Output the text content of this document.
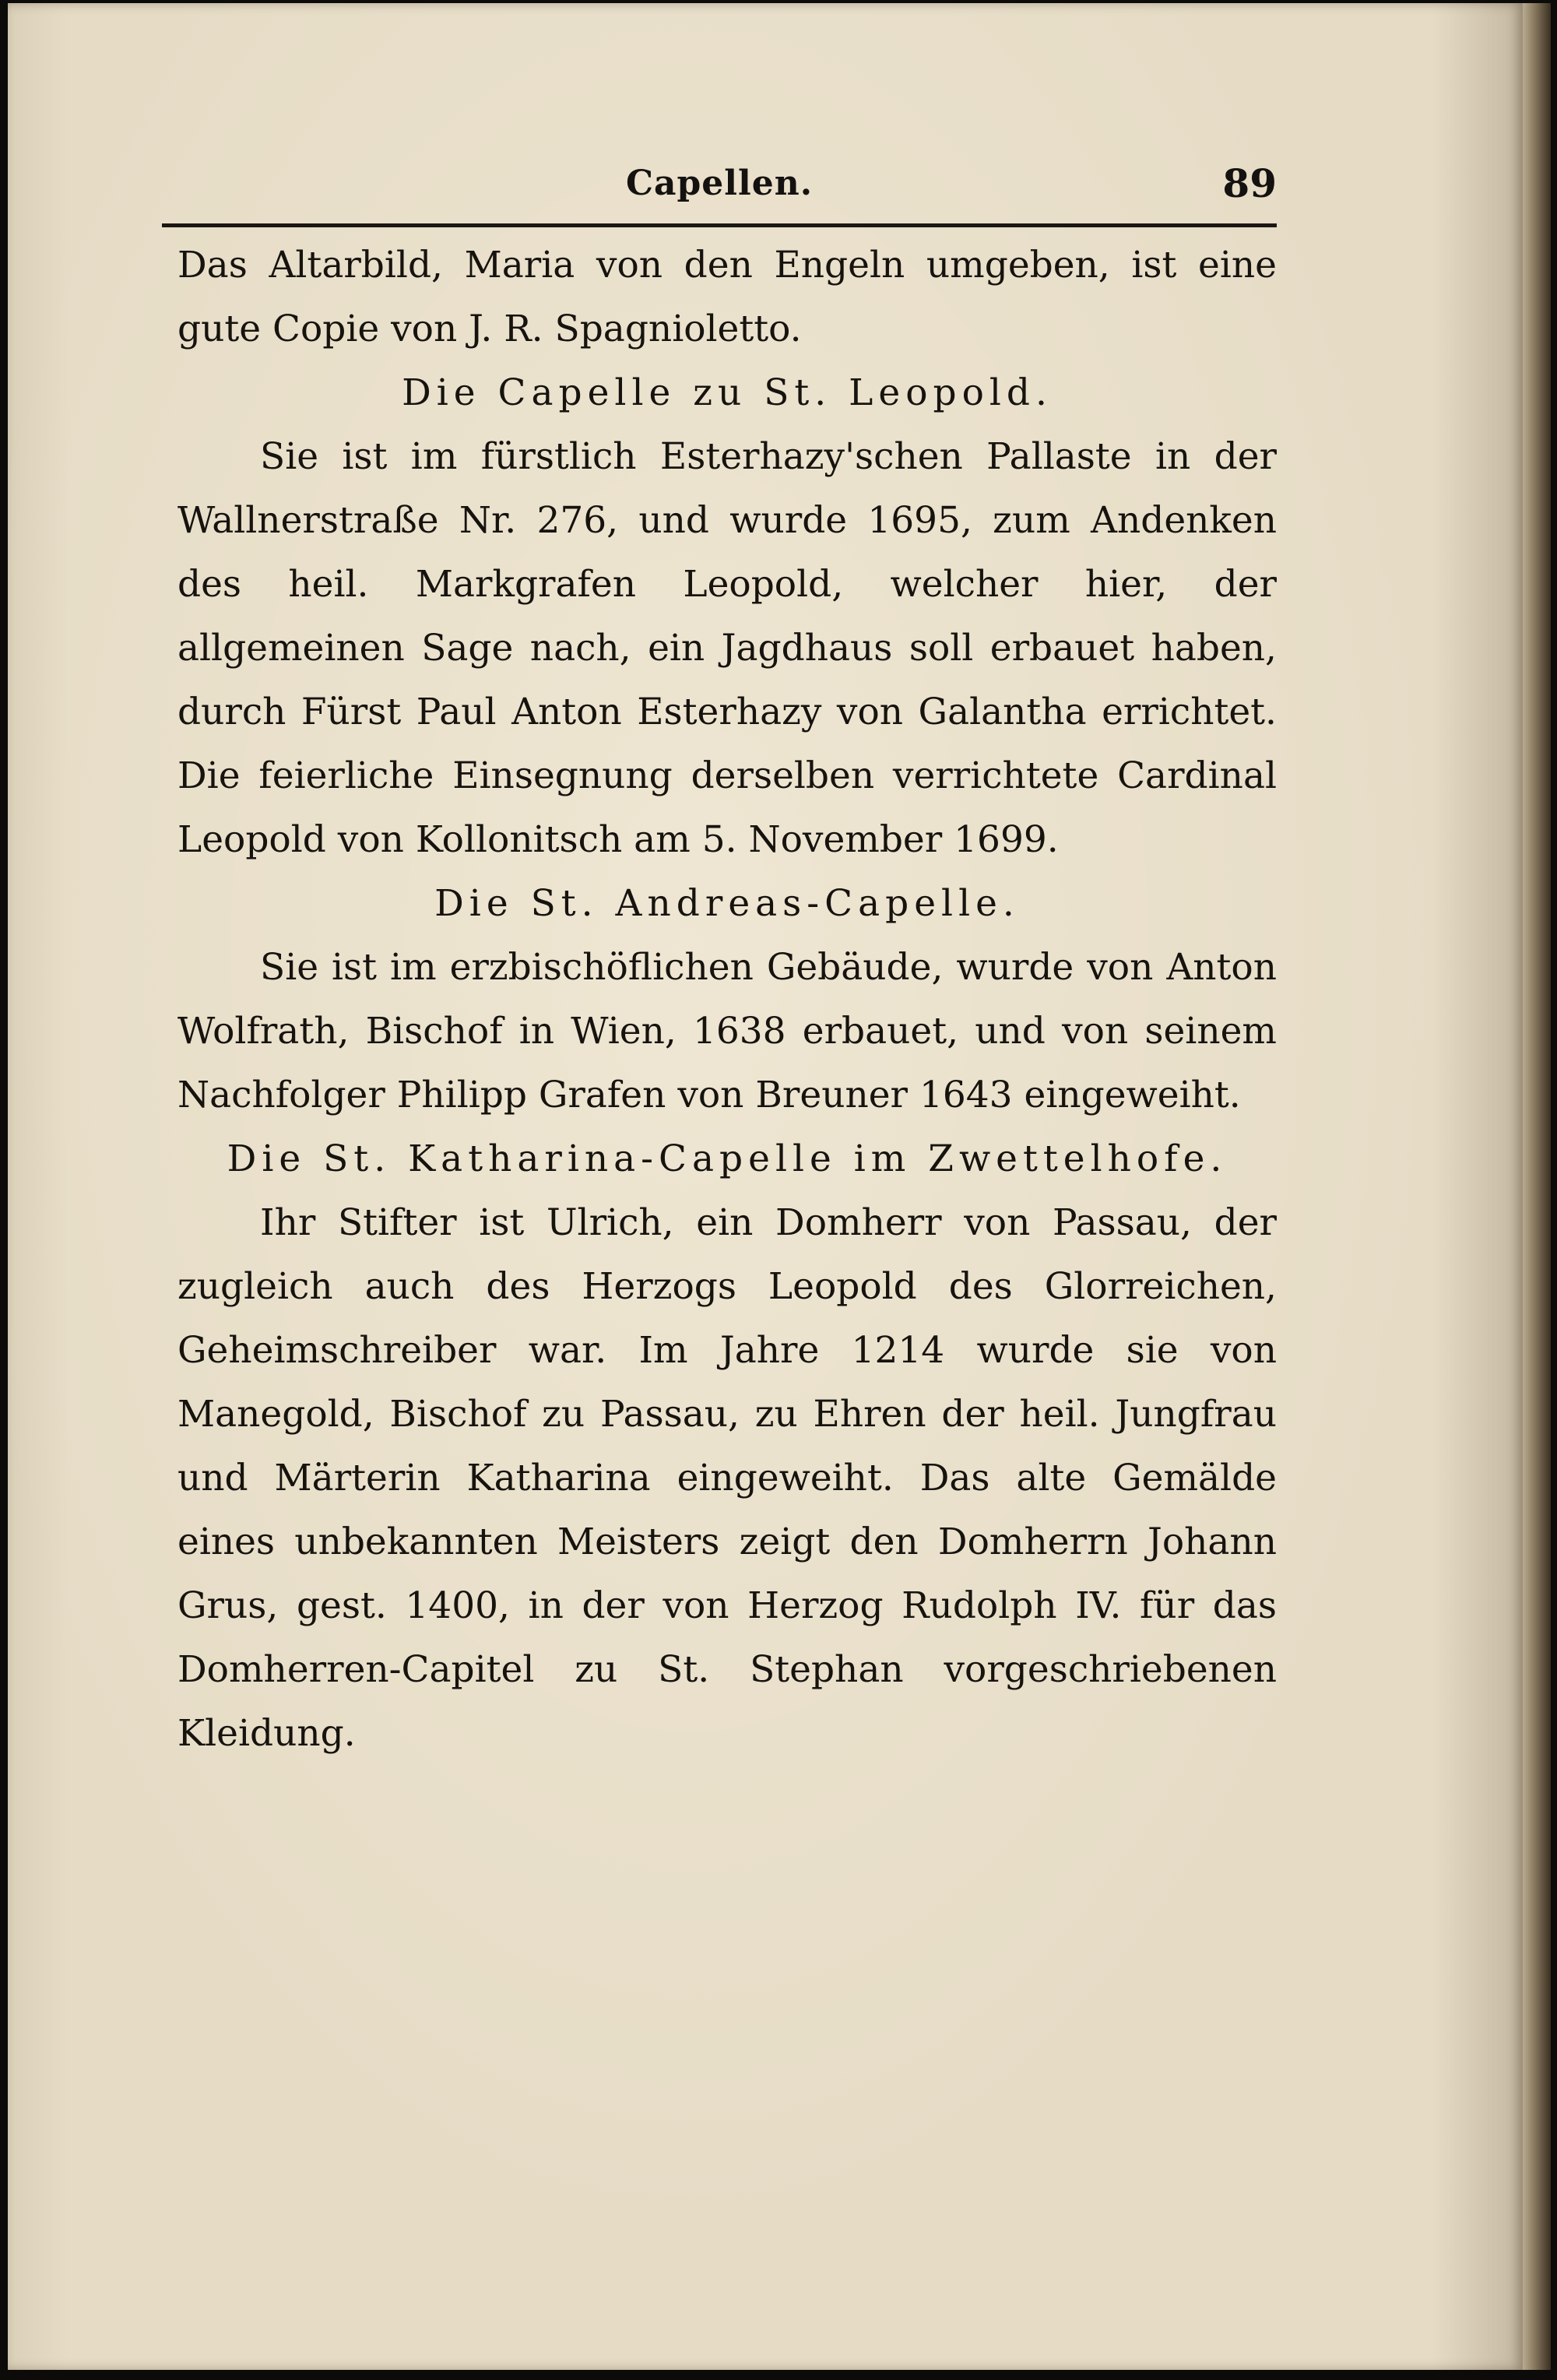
Capellen.	89

Das Altarbild, Maria von den Engeln umgeben, ist eine gute Copie von J. R. Spagnioletto.

Die Capelle zu St. Leopold.

Sie ist im fürstlich Esterhazy'schen Pallaste in der Wallnerstraße Nr. 276, und wurde 1695, zum Andenken des heil. Markgrafen Leopold, welcher hier, der allgemeinen Sage nach, ein Jagdhaus soll erbauet haben, durch Fürst Paul Anton Esterhazy von Galantha errichtet. Die feierliche Einsegnung derselben verrichtete Cardinal Leopold von Kollonitsch am 5. November 1699.

Die St. Andreas-Capelle.

Sie ist im erzbischöflichen Gebäude, wurde von Anton Wolfrath, Bischof in Wien, 1638 erbauet, und von seinem Nachfolger Philipp Grafen von Breuner 1643 eingeweiht.

Die St. Katharina-Capelle im Zwettelhofe.

Ihr Stifter ist Ulrich, ein Domherr von Passau, der zugleich auch des Herzogs Leopold des Glorreichen, Geheimschreiber war. Im Jahre 1214 wurde sie von Manegold, Bischof zu Passau, zu Ehren der heil. Jungfrau und Märterin Katharina eingeweiht. Das alte Gemälde eines unbekannten Meisters zeigt den Domherrn Johann Grus, gest. 1400, in der von Herzog Rudolph IV. für das Domherren-Capitel zu St. Stephan vorgeschriebenen Kleidung.
